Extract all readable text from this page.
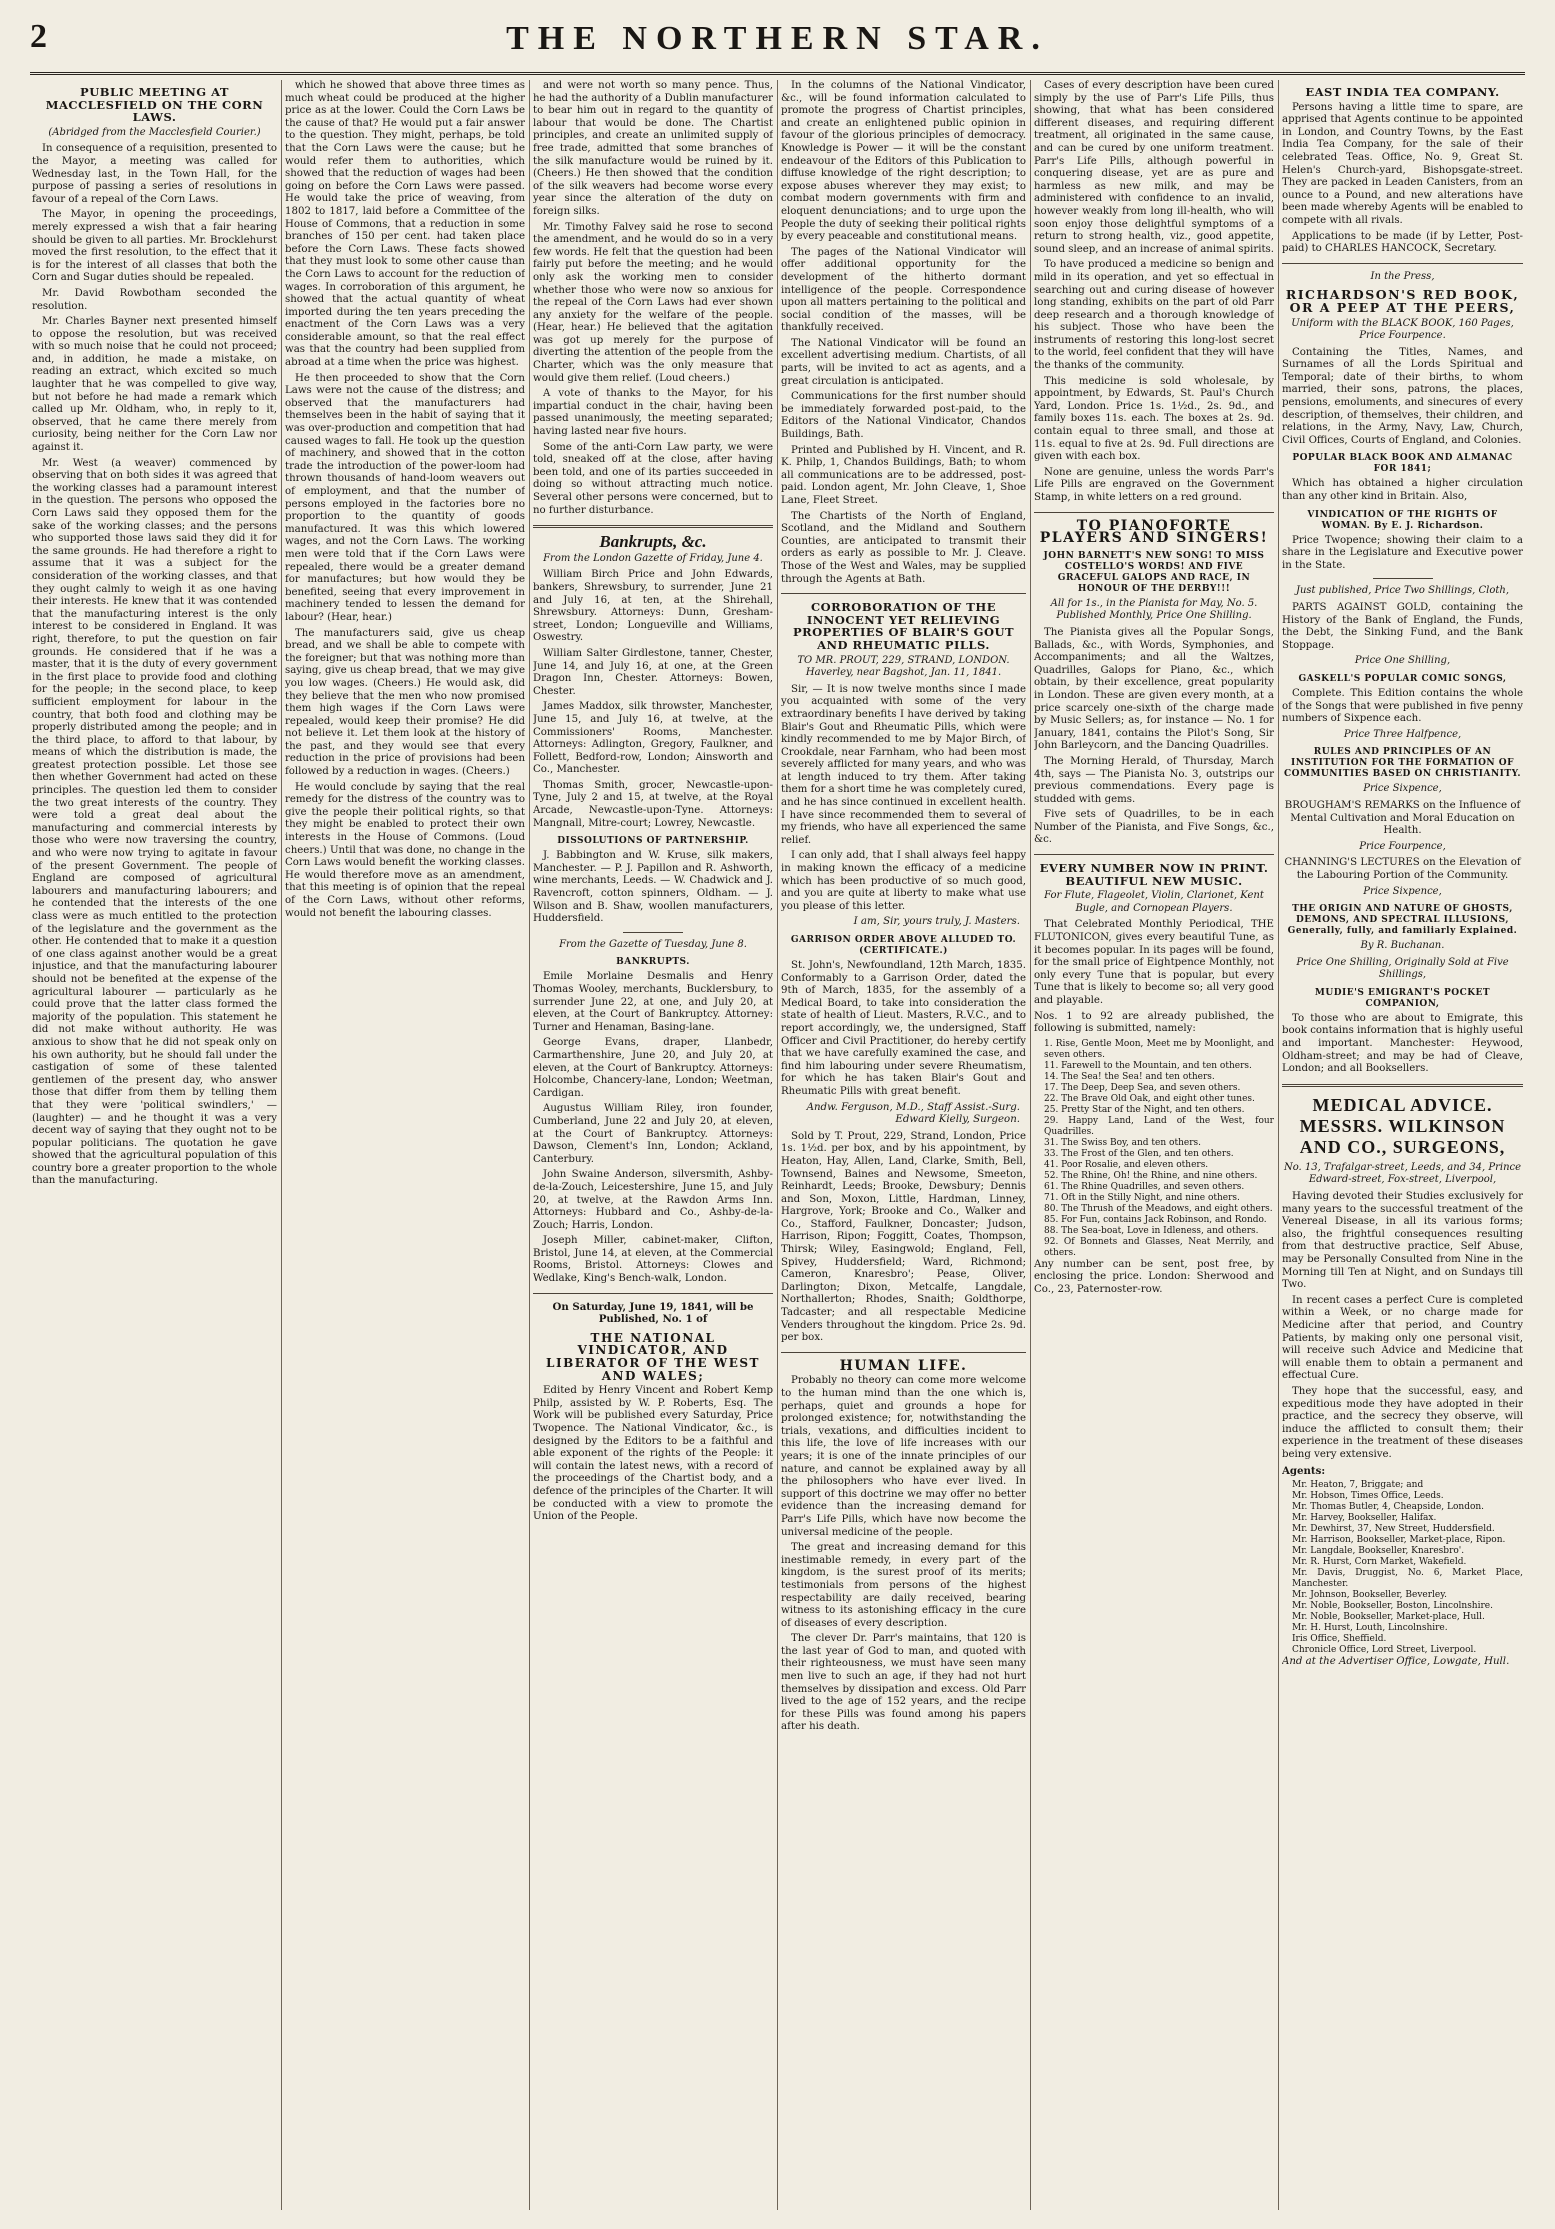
2	THE NORTHERN STAR.
PUBLIC MEETING AT MACCLESFIELD ON THE CORN LAWS.
(Abridged from the Macclesfield Courier.)

In consequence of a requisition, presented to the Mayor, a meeting was called for Wednesday last, in the Town Hall, for the purpose of passing a series of resolutions in favour of a repeal of the Corn Laws.

The Mayor, in opening the proceedings, merely expressed a wish that a fair hearing should be given to all parties. Mr. Brocklehurst moved the first resolution, to the effect that it is for the interest of all classes that both the Corn and Sugar duties should be repealed.

Mr. David Rowbotham seconded the resolution.

Mr. Charles Bayner next presented himself to oppose the resolution, but was received with so much noise that he could not proceed; and, in addition, he made a mistake, on reading an extract, which excited so much laughter that he was compelled to give way, but not before he had made a remark which called up Mr. Oldham, who, in reply to it, observed, that he came there merely from curiosity, being neither for the Corn Law nor against it.

Mr. West (a weaver) commenced by observing that on both sides it was agreed that the working classes had a paramount interest in the question. The persons who opposed the Corn Laws said they opposed them for the sake of the working classes; and the persons who supported those laws said they did it for the same grounds. He had therefore a right to assume that it was a subject for the consideration of the working classes, and that they ought calmly to weigh it as one having their interests. He knew that it was contended that the manufacturing interest is the only interest to be considered in England. It was right, therefore, to put the question on fair grounds. He considered that if he was a master, that it is the duty of every government in the first place to provide food and clothing for the people; in the second place, to keep sufficient employment for labour in the country, that both food and clothing may be properly distributed among the people; and in the third place, to afford to that labour, by means of which the distribution is made, the greatest protection possible. Let those see then whether Government had acted on these principles. The question led them to consider the two great interests of the country. They were told a great deal about the manufacturing and commercial interests by those who were now traversing the country, and who were now trying to agitate in favour of the present Government. The people of England are composed of agricultural labourers and manufacturing labourers; and he contended that the interests of the one class were as much entitled to the protection of the legislature and the government as the other. He contended that to make it a question of one class against another would be a great injustice, and that the manufacturing labourer should not be benefited at the expense of the agricultural labourer — particularly as he could prove that the latter class formed the majority of the population. This statement he did not make without authority. He was anxious to show that he did not speak only on his own authority, but he should fall under the castigation of some of these talented gentlemen of the present day, who answer those that differ from them by telling them that they were 'political swindlers,' — (laughter) — and he thought it was a very decent way of saying that they ought not to be popular politicians. The quotation he gave showed that the agricultural population of this country bore a greater proportion to the whole than the manufacturing.

which he showed that above three times as much wheat could be produced at the higher price as at the lower. Could the Corn Laws be the cause of that? He would put a fair answer to the question. They might, perhaps, be told that the Corn Laws were the cause; but he would refer them to authorities, which showed that the reduction of wages had been going on before the Corn Laws were passed. He would take the price of weaving, from 1802 to 1817, laid before a Committee of the House of Commons, that a reduction in some branches of 150 per cent. had taken place before the Corn Laws. These facts showed that they must look to some other cause than the Corn Laws to account for the reduction of wages. In corroboration of this argument, he showed that the actual quantity of wheat imported during the ten years preceding the enactment of the Corn Laws was a very considerable amount, so that the real effect was that the country had been supplied from abroad at a time when the price was highest.

He then proceeded to show that the Corn Laws were not the cause of the distress; and observed that the manufacturers had themselves been in the habit of saying that it was over-production and competition that had caused wages to fall. He took up the question of machinery, and showed that in the cotton trade the introduction of the power-loom had thrown thousands of hand-loom weavers out of employment, and that the number of persons employed in the factories bore no proportion to the quantity of goods manufactured. It was this which lowered wages, and not the Corn Laws. The working men were told that if the Corn Laws were repealed, there would be a greater demand for manufactures; but how would they be benefited, seeing that every improvement in machinery tended to lessen the demand for labour? (Hear, hear.)

The manufacturers said, give us cheap bread, and we shall be able to compete with the foreigner; but that was nothing more than saying, give us cheap bread, that we may give you low wages. (Cheers.) He would ask, did they believe that the men who now promised them high wages if the Corn Laws were repealed, would keep their promise? He did not believe it. Let them look at the history of the past, and they would see that every reduction in the price of provisions had been followed by a reduction in wages. (Cheers.)

He would conclude by saying that the real remedy for the distress of the country was to give the people their political rights, so that they might be enabled to protect their own interests in the House of Commons. (Loud cheers.) Until that was done, no change in the Corn Laws would benefit the working classes. He would therefore move as an amendment, that this meeting is of opinion that the repeal of the Corn Laws, without other reforms, would not benefit the labouring classes.

and were not worth so many pence. Thus, he had the authority of a Dublin manufacturer to bear him out in regard to the quantity of labour that would be done. The Chartist principles, and create an unlimited supply of free trade, admitted that some branches of the silk manufacture would be ruined by it. (Cheers.) He then showed that the condition of the silk weavers had become worse every year since the alteration of the duty on foreign silks.

Mr. Timothy Falvey said he rose to second the amendment, and he would do so in a very few words. He felt that the question had been fairly put before the meeting; and he would only ask the working men to consider whether those who were now so anxious for the repeal of the Corn Laws had ever shown any anxiety for the welfare of the people. (Hear, hear.) He believed that the agitation was got up merely for the purpose of diverting the attention of the people from the Charter, which was the only measure that would give them relief. (Loud cheers.)

A vote of thanks to the Mayor, for his impartial conduct in the chair, having been passed unanimously, the meeting separated; having lasted near five hours.

Some of the anti-Corn Law party, we were told, sneaked off at the close, after having been told, and one of its parties succeeded in doing so without attracting much notice. Several other persons were concerned, but to no further disturbance.

Bankrupts, &c.
From the London Gazette of Friday, June 4.

William Birch Price and John Edwards, bankers, Shrewsbury, to surrender, June 21 and July 16, at ten, at the Shirehall, Shrewsbury. Attorneys: Dunn, Gresham-street, London; Longueville and Williams, Oswestry.

William Salter Girdlestone, tanner, Chester, June 14, and July 16, at one, at the Green Dragon Inn, Chester. Attorneys: Bowen, Chester.

James Maddox, silk throwster, Manchester, June 15, and July 16, at twelve, at the Commissioners' Rooms, Manchester. Attorneys: Adlington, Gregory, Faulkner, and Follett, Bedford-row, London; Ainsworth and Co., Manchester.

Thomas Smith, grocer, Newcastle-upon-Tyne, July 2 and 15, at twelve, at the Royal Arcade, Newcastle-upon-Tyne. Attorneys: Mangnall, Mitre-court; Lowrey, Newcastle.

DISSOLUTIONS OF PARTNERSHIP.

J. Babbington and W. Kruse, silk makers, Manchester. — P. J. Papillon and R. Ashworth, wine merchants, Leeds. — W. Chadwick and J. Ravencroft, cotton spinners, Oldham. — J. Wilson and B. Shaw, woollen manufacturers, Huddersfield.

From the Gazette of Tuesday, June 8.
BANKRUPTS.

Emile Morlaine Desmalis and Henry Thomas Wooley, merchants, Bucklersbury, to surrender June 22, at one, and July 20, at eleven, at the Court of Bankruptcy. Attorney: Turner and Henaman, Basing-lane.

George Evans, draper, Llanbedr, Carmarthenshire, June 20, and July 20, at eleven, at the Court of Bankruptcy. Attorneys: Holcombe, Chancery-lane, London; Weetman, Cardigan.

Augustus William Riley, iron founder, Cumberland, June 22 and July 20, at eleven, at the Court of Bankruptcy. Attorneys: Dawson, Clement's Inn, London; Ackland, Canterbury.

John Swaine Anderson, silversmith, Ashby-de-la-Zouch, Leicestershire, June 15, and July 20, at twelve, at the Rawdon Arms Inn. Attorneys: Hubbard and Co., Ashby-de-la-Zouch; Harris, London.

Joseph Miller, cabinet-maker, Clifton, Bristol, June 14, at eleven, at the Commercial Rooms, Bristol. Attorneys: Clowes and Wedlake, King's Bench-walk, London.

On Saturday, June 19, 1841, will be Published, No. 1 of
THE NATIONAL VINDICATOR, AND LIBERATOR OF THE WEST AND WALES;

Edited by Henry Vincent and Robert Kemp Philp, assisted by W. P. Roberts, Esq. The Work will be published every Saturday, Price Twopence. The National Vindicator, &c., is designed by the Editors to be a faithful and able exponent of the rights of the People: it will contain the latest news, with a record of the proceedings of the Chartist body, and a defence of the principles of the Charter. It will be conducted with a view to promote the Union of the People.

In the columns of the National Vindicator, &c., will be found information calculated to promote the progress of Chartist principles, and create an enlightened public opinion in favour of the glorious principles of democracy. Knowledge is Power — it will be the constant endeavour of the Editors of this Publication to diffuse knowledge of the right description; to expose abuses wherever they may exist; to combat modern governments with firm and eloquent denunciations; and to urge upon the People the duty of seeking their political rights by every peaceable and constitutional means.

The pages of the National Vindicator will offer additional opportunity for the development of the hitherto dormant intelligence of the people. Correspondence upon all matters pertaining to the political and social condition of the masses, will be thankfully received.

The National Vindicator will be found an excellent advertising medium. Chartists, of all parts, will be invited to act as agents, and a great circulation is anticipated.

Communications for the first number should be immediately forwarded post-paid, to the Editors of the National Vindicator, Chandos Buildings, Bath.

Printed and Published by H. Vincent, and R. K. Philp, 1, Chandos Buildings, Bath; to whom all communications are to be addressed, post-paid. London agent, Mr. John Cleave, 1, Shoe Lane, Fleet Street.

The Chartists of the North of England, Scotland, and the Midland and Southern Counties, are anticipated to transmit their orders as early as possible to Mr. J. Cleave. Those of the West and Wales, may be supplied through the Agents at Bath.

CORROBORATION OF THE INNOCENT YET RELIEVING PROPERTIES OF BLAIR'S GOUT AND RHEUMATIC PILLS.
TO MR. PROUT, 229, STRAND, LONDON. Haverley, near Bagshot, Jan. 11, 1841.

Sir, — It is now twelve months since I made you acquainted with some of the very extraordinary benefits I have derived by taking Blair's Gout and Rheumatic Pills, which were kindly recommended to me by Major Birch, of Crookdale, near Farnham, who had been most severely afflicted for many years, and who was at length induced to try them. After taking them for a short time he was completely cured, and he has since continued in excellent health. I have since recommended them to several of my friends, who have all experienced the same relief.

I can only add, that I shall always feel happy in making known the efficacy of a medicine which has been productive of so much good, and you are quite at liberty to make what use you please of this letter.

I am, Sir, yours truly, J. Masters.
GARRISON ORDER ABOVE ALLUDED TO. (CERTIFICATE.)

St. John's, Newfoundland, 12th March, 1835. Conformably to a Garrison Order, dated the 9th of March, 1835, for the assembly of a Medical Board, to take into consideration the state of health of Lieut. Masters, R.V.C., and to report accordingly, we, the undersigned, Staff Officer and Civil Practitioner, do hereby certify that we have carefully examined the case, and find him labouring under severe Rheumatism, for which he has taken Blair's Gout and Rheumatic Pills with great benefit.

Andw. Ferguson, M.D., Staff Assist.-Surg. Edward Kielly, Surgeon.

Sold by T. Prout, 229, Strand, London, Price 1s. 1½d. per box, and by his appointment, by Heaton, Hay, Allen, Land, Clarke, Smith, Bell, Townsend, Baines and Newsome, Smeeton, Reinhardt, Leeds; Brooke, Dewsbury; Dennis and Son, Moxon, Little, Hardman, Linney, Hargrove, York; Brooke and Co., Walker and Co., Stafford, Faulkner, Doncaster; Judson, Harrison, Ripon; Foggitt, Coates, Thompson, Thirsk; Wiley, Easingwold; England, Fell, Spivey, Huddersfield; Ward, Richmond; Cameron, Knaresbro'; Pease, Oliver, Darlington; Dixon, Metcalfe, Langdale, Northallerton; Rhodes, Snaith; Goldthorpe, Tadcaster; and all respectable Medicine Venders throughout the kingdom. Price 2s. 9d. per box.

HUMAN LIFE.

Probably no theory can come more welcome to the human mind than the one which is, perhaps, quiet and grounds a hope for prolonged existence; for, notwithstanding the trials, vexations, and difficulties incident to this life, the love of life increases with our years; it is one of the innate principles of our nature, and cannot be explained away by all the philosophers who have ever lived. In support of this doctrine we may offer no better evidence than the increasing demand for Parr's Life Pills, which have now become the universal medicine of the people.

The great and increasing demand for this inestimable remedy, in every part of the kingdom, is the surest proof of its merits; testimonials from persons of the highest respectability are daily received, bearing witness to its astonishing efficacy in the cure of diseases of every description.

The clever Dr. Parr's maintains, that 120 is the last year of God to man, and quoted with their righteousness, we must have seen many men live to such an age, if they had not hurt themselves by dissipation and excess. Old Parr lived to the age of 152 years, and the recipe for these Pills was found among his papers after his death.

Cases of every description have been cured simply by the use of Parr's Life Pills, thus showing, that what has been considered different diseases, and requiring different treatment, all originated in the same cause, and can be cured by one uniform treatment. Parr's Life Pills, although powerful in conquering disease, yet are as pure and harmless as new milk, and may be administered with confidence to an invalid, however weakly from long ill-health, who will soon enjoy those delightful symptoms of a return to strong health, viz., good appetite, sound sleep, and an increase of animal spirits.

To have produced a medicine so benign and mild in its operation, and yet so effectual in searching out and curing disease of however long standing, exhibits on the part of old Parr deep research and a thorough knowledge of his subject. Those who have been the instruments of restoring this long-lost secret to the world, feel confident that they will have the thanks of the community.

This medicine is sold wholesale, by appointment, by Edwards, St. Paul's Church Yard, London. Price 1s. 1½d., 2s. 9d., and family boxes 11s. each. The boxes at 2s. 9d. contain equal to three small, and those at 11s. equal to five at 2s. 9d. Full directions are given with each box.

None are genuine, unless the words Parr's Life Pills are engraved on the Government Stamp, in white letters on a red ground.

TO PIANOFORTE PLAYERS AND SINGERS!
JOHN BARNETT'S NEW SONG! TO MISS COSTELLO'S WORDS! AND FIVE GRACEFUL GALOPS AND RACE, IN HONOUR OF THE DERBY!!!
All for 1s., in the Pianista for May, No. 5. Published Monthly, Price One Shilling.

The Pianista gives all the Popular Songs, Ballads, &c., with Words, Symphonies, and Accompaniments; and all the Waltzes, Quadrilles, Galops for Piano, &c., which obtain, by their excellence, great popularity in London. These are given every month, at a price scarcely one-sixth of the charge made by Music Sellers; as, for instance — No. 1 for January, 1841, contains the Pilot's Song, Sir John Barleycorn, and the Dancing Quadrilles.

The Morning Herald, of Thursday, March 4th, says — The Pianista No. 3, outstrips our previous commendations. Every page is studded with gems.

Five sets of Quadrilles, to be in each Number of the Pianista, and Five Songs, &c., &c.

EVERY NUMBER NOW IN PRINT. BEAUTIFUL NEW MUSIC.
For Flute, Flageolet, Violin, Clarionet, Kent Bugle, and Cornopean Players.

That Celebrated Monthly Periodical, THE FLUTONICON, gives every beautiful Tune, as it becomes popular. In its pages will be found, for the small price of Eightpence Monthly, not only every Tune that is popular, but every Tune that is likely to become so; all very good and playable.

Nos. 1 to 92 are already published, the following is submitted, namely:

1. Rise, Gentle Moon, Meet me by Moonlight, and seven others.

11. Farewell to the Mountain, and ten others.

14. The Sea! the Sea! and ten others.

17. The Deep, Deep Sea, and seven others.

22. The Brave Old Oak, and eight other tunes.

25. Pretty Star of the Night, and ten others.

29. Happy Land, Land of the West, four Quadrilles.

31. The Swiss Boy, and ten others.

33. The Frost of the Glen, and ten others.

41. Poor Rosalie, and eleven others.

52. The Rhine, Oh! the Rhine, and nine others.

61. The Rhine Quadrilles, and seven others.

71. Oft in the Stilly Night, and nine others.

80. The Thrush of the Meadows, and eight others.

85. For Fun, contains Jack Robinson, and Rondo.

88. The Sea-boat, Love in Idleness, and others.

92. Of Bonnets and Glasses, Neat Merrily, and others.

Any number can be sent, post free, by enclosing the price. London: Sherwood and Co., 23, Paternoster-row.

EAST INDIA TEA COMPANY.

Persons having a little time to spare, are apprised that Agents continue to be appointed in London, and Country Towns, by the East India Tea Company, for the sale of their celebrated Teas. Office, No. 9, Great St. Helen's Church-yard, Bishopsgate-street. They are packed in Leaden Canisters, from an ounce to a Pound, and new alterations have been made whereby Agents will be enabled to compete with all rivals.

Applications to be made (if by Letter, Post-paid) to CHARLES HANCOCK, Secretary.

In the Press,
RICHARDSON'S RED BOOK, OR A PEEP AT THE PEERS,
Uniform with the BLACK BOOK, 160 Pages, Price Fourpence.

Containing the Titles, Names, and Surnames of all the Lords Spiritual and Temporal; date of their births, to whom married, their sons, patrons, the places, pensions, emoluments, and sinecures of every description, of themselves, their children, and relations, in the Army, Navy, Law, Church, Civil Offices, Courts of England, and Colonies.

POPULAR BLACK BOOK AND ALMANAC FOR 1841;

Which has obtained a higher circulation than any other kind in Britain. Also,

VINDICATION OF THE RIGHTS OF WOMAN. By E. J. Richardson.

Price Twopence; showing their claim to a share in the Legislature and Executive power in the State.

Just published, Price Two Shillings, Cloth,

PARTS AGAINST GOLD, containing the History of the Bank of England, the Funds, the Debt, the Sinking Fund, and the Bank Stoppage.

Price One Shilling,
GASKELL'S POPULAR COMIC SONGS,

Complete. This Edition contains the whole of the Songs that were published in five penny numbers of Sixpence each.

Price Three Halfpence,
RULES AND PRINCIPLES OF AN INSTITUTION FOR THE FORMATION OF COMMUNITIES BASED ON CHRISTIANITY.
Price Sixpence,

BROUGHAM'S REMARKS on the Influence of Mental Cultivation and Moral Education on Health.

Price Fourpence,

CHANNING'S LECTURES on the Elevation of the Labouring Portion of the Community.

Price Sixpence,
THE ORIGIN AND NATURE OF GHOSTS, DEMONS, AND SPECTRAL ILLUSIONS, Generally, fully, and familiarly Explained.
By R. Buchanan.
Price One Shilling, Originally Sold at Five Shillings,
MUDIE'S EMIGRANT'S POCKET COMPANION,

To those who are about to Emigrate, this book contains information that is highly useful and important. Manchester: Heywood, Oldham-street; and may be had of Cleave, London; and all Booksellers.

MEDICAL ADVICE. MESSRS. WILKINSON AND CO., SURGEONS,
No. 13, Trafalgar-street, Leeds, and 34, Prince Edward-street, Fox-street, Liverpool,

Having devoted their Studies exclusively for many years to the successful treatment of the Venereal Disease, in all its various forms; also, the frightful consequences resulting from that destructive practice, Self Abuse, may be Personally Consulted from Nine in the Morning till Ten at Night, and on Sundays till Two.

In recent cases a perfect Cure is completed within a Week, or no charge made for Medicine after that period, and Country Patients, by making only one personal visit, will receive such Advice and Medicine that will enable them to obtain a permanent and effectual Cure.

They hope that the successful, easy, and expeditious mode they have adopted in their practice, and the secrecy they observe, will induce the afflicted to consult them; their experience in the treatment of these diseases being very extensive.

Agents:

Mr. Heaton, 7, Briggate; and

Mr. Hobson, Times Office, Leeds.

Mr. Thomas Butler, 4, Cheapside, London.

Mr. Harvey, Bookseller, Halifax.

Mr. Dewhirst, 37, New Street, Huddersfield.

Mr. Harrison, Bookseller, Market-place, Ripon.

Mr. Langdale, Bookseller, Knaresbro'.

Mr. R. Hurst, Corn Market, Wakefield.

Mr. Davis, Druggist, No. 6, Market Place, Manchester.

Mr. Johnson, Bookseller, Beverley.

Mr. Noble, Bookseller, Boston, Lincolnshire.

Mr. Noble, Bookseller, Market-place, Hull.

Mr. H. Hurst, Louth, Lincolnshire.

Iris Office, Sheffield.

Chronicle Office, Lord Street, Liverpool.

And at the Advertiser Office, Lowgate, Hull.
